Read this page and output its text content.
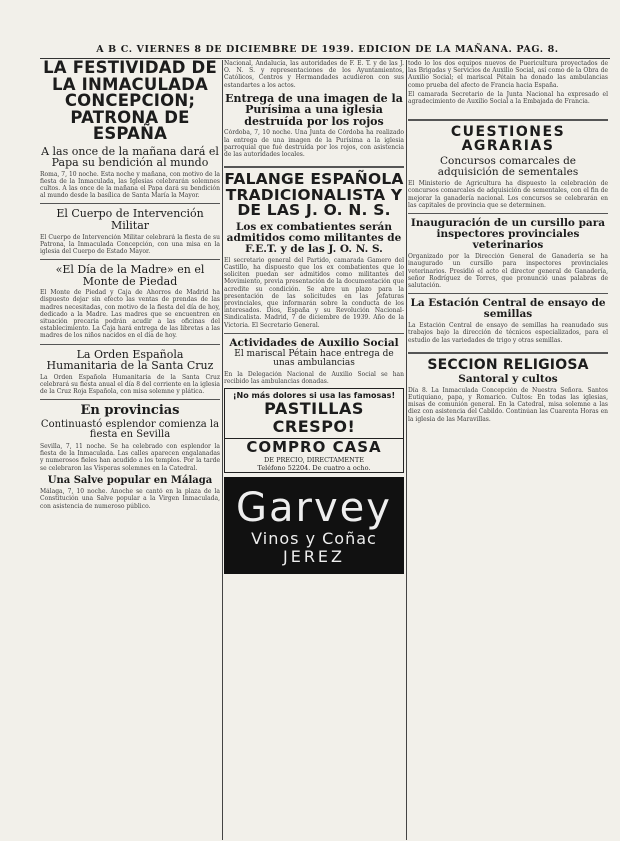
A B C. VIERNES 8 DE DICIEMBRE DE 1939. EDICION DE LA MAÑANA. PAG. 8.
LA FESTIVIDAD DE LA INMACULADA CONCEPCION; PATRONA DE ESPAÑA
A las once de la mañana dará el Papa su bendición al mundo
Roma, 7, 10 noche. Esta noche y mañana, con motivo de la fiesta de la Inmaculada, las Iglesias celebrarán solemnes cultos. A las once de la mañana el Papa dará su bendición al mundo desde la basílica de Santa María la Mayor.
El Cuerpo de Intervención Militar
El Cuerpo de Intervención Militar celebrará la fiesta de su Patrona, la Inmaculada Concepción, con una misa en la iglesia del Cuerpo de Estado Mayor.
«El Día de la Madre» en el Monte de Piedad
El Monte de Piedad y Caja de Ahorros de Madrid ha dispuesto dejar sin efecto las ventas de prendas de las madres necesitadas, con motivo de la fiesta del día de hoy, dedicado a la Madre. Las madres que se encuentren en situación precaria podrán acudir a las oficinas del establecimiento. La Caja hará entrega de las libretas a las madres de los niños nacidos en el día de hoy.
La Orden Española Humanitaria de la Santa Cruz
La Orden Española Humanitaria de la Santa Cruz celebrará su fiesta anual el día 8 del corriente en la iglesia de la Cruz Roja Española, con misa solemne y plática.
En provincias
Continuastó esplendor comienza la fiesta en Sevilla
Sevilla, 7, 11 noche. Se ha celebrado con esplendor la fiesta de la Inmaculada. Las calles aparecen engalanadas y numerosos fieles han acudido a los templos. Por la tarde se celebraron las Vísperas solemnes en la Catedral.
Una Salve popular en Málaga
Málaga, 7, 10 noche. Anoche se cantó en la plaza de la Constitución una Salve popular a la Virgen Inmaculada, con asistencia de numeroso público.
Nacional, Andalucía, las autoridades de F. E. T. y de las J. O. N. S. y representaciones de los Ayuntamientos, Católicos, Centros y Hermandades acudieron con sus estandartes a los actos.
Entrega de una imagen de la Purísima a una iglesia destruída por los rojos
Córdoba, 7, 10 noche. Una Junta de Córdoba ha realizado la entrega de una imagen de la Purísima a la iglesia parroquial que fué destruída por los rojos, con asistencia de las autoridades locales.
FALANGE ESPAÑOLA TRADICIONALISTA Y DE LAS J. O. N. S.
Los ex combatientes serán admitidos como militantes de F.E.T. y de las J. O. N. S.
El secretario general del Partido, camarada Gamero del Castillo, ha dispuesto que los ex combatientes que lo soliciten puedan ser admitidos como militantes del Movimiento, previa presentación de la documentación que acredite su condición. Se abre un plazo para la presentación de las solicitudes en las Jefaturas provinciales, que informarán sobre la conducta de los interesados. Dios, España y su Revolución Nacional-Sindicalista. Madrid, 7 de diciembre de 1939. Año de la Victoria. El Secretario General.
Actividades de Auxilio Social
El mariscal Pétain hace entrega de unas ambulancias
En la Delegación Nacional de Auxilio Social se han recibido las ambulancias donadas.
¡No más dolores si usa las famosas!
PASTILLAS CRESPO!
COMPRO CASA
DE PRECIO, DIRECTAMENTE
Teléfono 52204. De cuatro a ocho.
Garvey
Vinos y Coñac
JEREZ
todo lo los dos equipos nuevos de Puericultura proyectados de las Brigadas y Servicios de Auxilio Social, así como de la Obra de Auxilio Social; el mariscal Pétain ha donado las ambulancias como prueba del afecto de Francia hacia España.
El camarada Secretario de la Junta Nacional ha expresado el agradecimiento de Auxilio Social a la Embajada de Francia.
CUESTIONES AGRARIAS
Concursos comarcales de adquisición de sementales
El Ministerio de Agricultura ha dispuesto la celebración de concursos comarcales de adquisición de sementales, con el fin de mejorar la ganadería nacional. Los concursos se celebrarán en las capitales de provincia que se determinen.
Inauguración de un cursillo para inspectores provinciales veterinarios
Organizado por la Dirección General de Ganadería se ha inaugurado un cursillo para inspectores provinciales veterinarios. Presidió el acto el director general de Ganadería, señor Rodríguez de Torres, que pronunció unas palabras de salutación.
La Estación Central de ensayo de semillas
La Estación Central de ensayo de semillas ha reanudado sus trabajos bajo la dirección de técnicos especializados, para el estudio de las variedades de trigo y otras semillas.
SECCION RELIGIOSA
Santoral y cultos
Día 8. La Inmaculada Concepción de Nuestra Señora. Santos Eutiquiano, papa, y Romarico. Cultos: En todas las iglesias, misas de comunión general. En la Catedral, misa solemne a las diez con asistencia del Cabildo. Continúan las Cuarenta Horas en la iglesia de las Maravillas.
